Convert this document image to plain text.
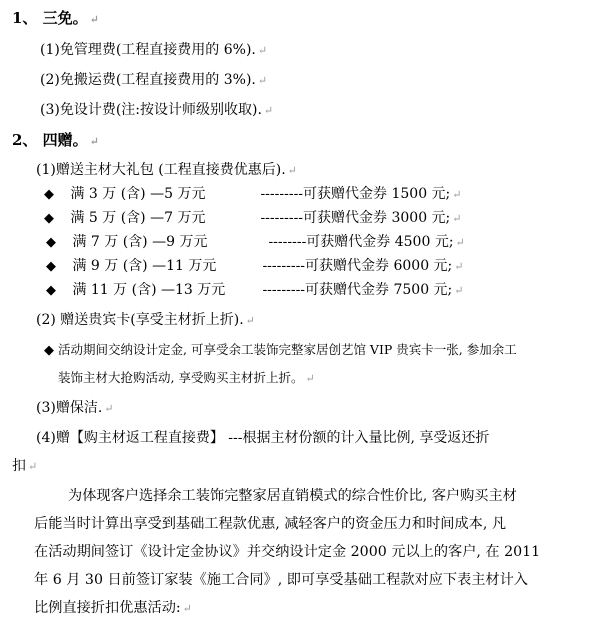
1、 三免。 ↵
(1)免管理费(工程直接费用的 6%). ↵
(2)免搬运费(工程直接费用的 3%). ↵
(3)免设计费(注:按设计师级别收取). ↵
2、 四赠。 ↵
(1)赠送主材大礼包 (工程直接费优惠后). ↵
◆ 满 3 万 (含) —5 万元	---------可获赠代金券 1500 元; ↵
◆ 满 5 万 (含) —7 万元	---------可获赠代金券 3000 元; ↵
◆ 满 7 万 (含) —9 万元	--------可获赠代金券 4500 元; ↵
◆ 满 9 万 (含) —11 万元	---------可获赠代金券 6000 元; ↵
◆ 满 11 万 (含) —13 万元	---------可获赠代金券 7500 元; ↵
(2) 赠送贵宾卡(享受主材折上折). ↵
◆ 活动期间交纳设计定金, 可享受余工装饰完整家居创艺馆 VIP 贵宾卡一张, 参加余工
装饰主材大抢购活动, 享受购买主材折上折。 ↵
(3)赠保洁. ↵
(4)赠【购主材返工程直接费】 ---根据主材份额的计入量比例, 享受返还折
扣 ↵
为体现客户选择余工装饰完整家居直销模式的综合性价比, 客户购买主材
后能当时计算出享受到基础工程款优惠, 减轻客户的资金压力和时间成本, 凡
在活动期间签订《设计定金协议》并交纳设计定金 2000 元以上的客户, 在 2011
年 6 月 30 日前签订家装《施工合同》, 即可享受基础工程款对应下表主材计入
比例直接折扣优惠活动: ↵
